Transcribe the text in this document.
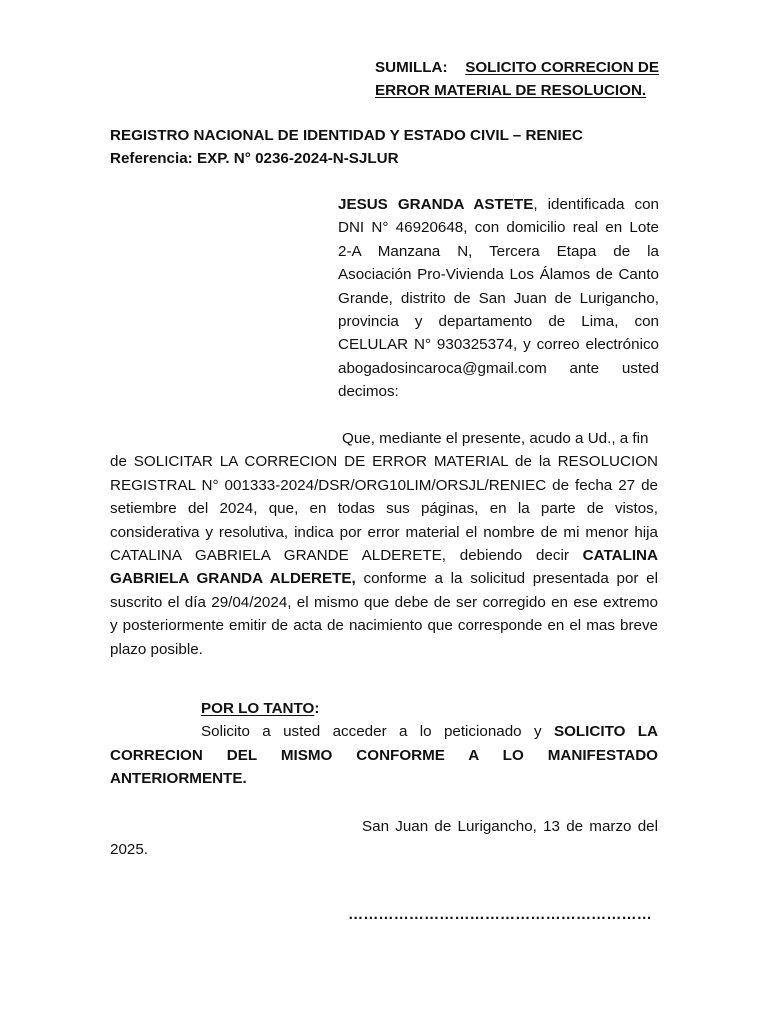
SUMILLA: SOLICITO CORRECION DE
ERROR MATERIAL DE RESOLUCION.
REGISTRO NACIONAL DE IDENTIDAD Y ESTADO CIVIL – RENIEC
Referencia: EXP. N° 0236-2024-N-SJLUR
JESUS GRANDA ASTETE, identificada con
DNI N° 46920648, con domicilio real en Lote
2-A Manzana N, Tercera Etapa de la
Asociación Pro-Vivienda Los Álamos de Canto
Grande, distrito de San Juan de Lurigancho,
provincia y departamento de Lima, con
CELULAR N° 930325374, y correo electrónico
abogadosincaroca@gmail.com ante usted
decimos:
Que, mediante el presente, acudo a Ud., a fin
de SOLICITAR LA CORRECION DE ERROR MATERIAL de la RESOLUCION
REGISTRAL N° 001333-2024/DSR/ORG10LIM/ORSJL/RENIEC de fecha 27 de
setiembre del 2024, que, en todas sus páginas, en la parte de vistos,
considerativa y resolutiva, indica por error material el nombre de mi menor hija
CATALINA GABRIELA GRANDE ALDERETE, debiendo decir CATALINA
GABRIELA GRANDA ALDERETE, conforme a la solicitud presentada por el
suscrito el día 29/04/2024, el mismo que debe de ser corregido en ese extremo
y posteriormente emitir de acta de nacimiento que corresponde en el mas breve
plazo posible.
POR LO TANTO:
Solicito a usted acceder a lo peticionado y SOLICITO LA
CORRECION DEL MISMO CONFORME A LO MANIFESTADO
ANTERIORMENTE.
San Juan de Lurigancho, 13 de marzo del
2025.
……………………………………………………
